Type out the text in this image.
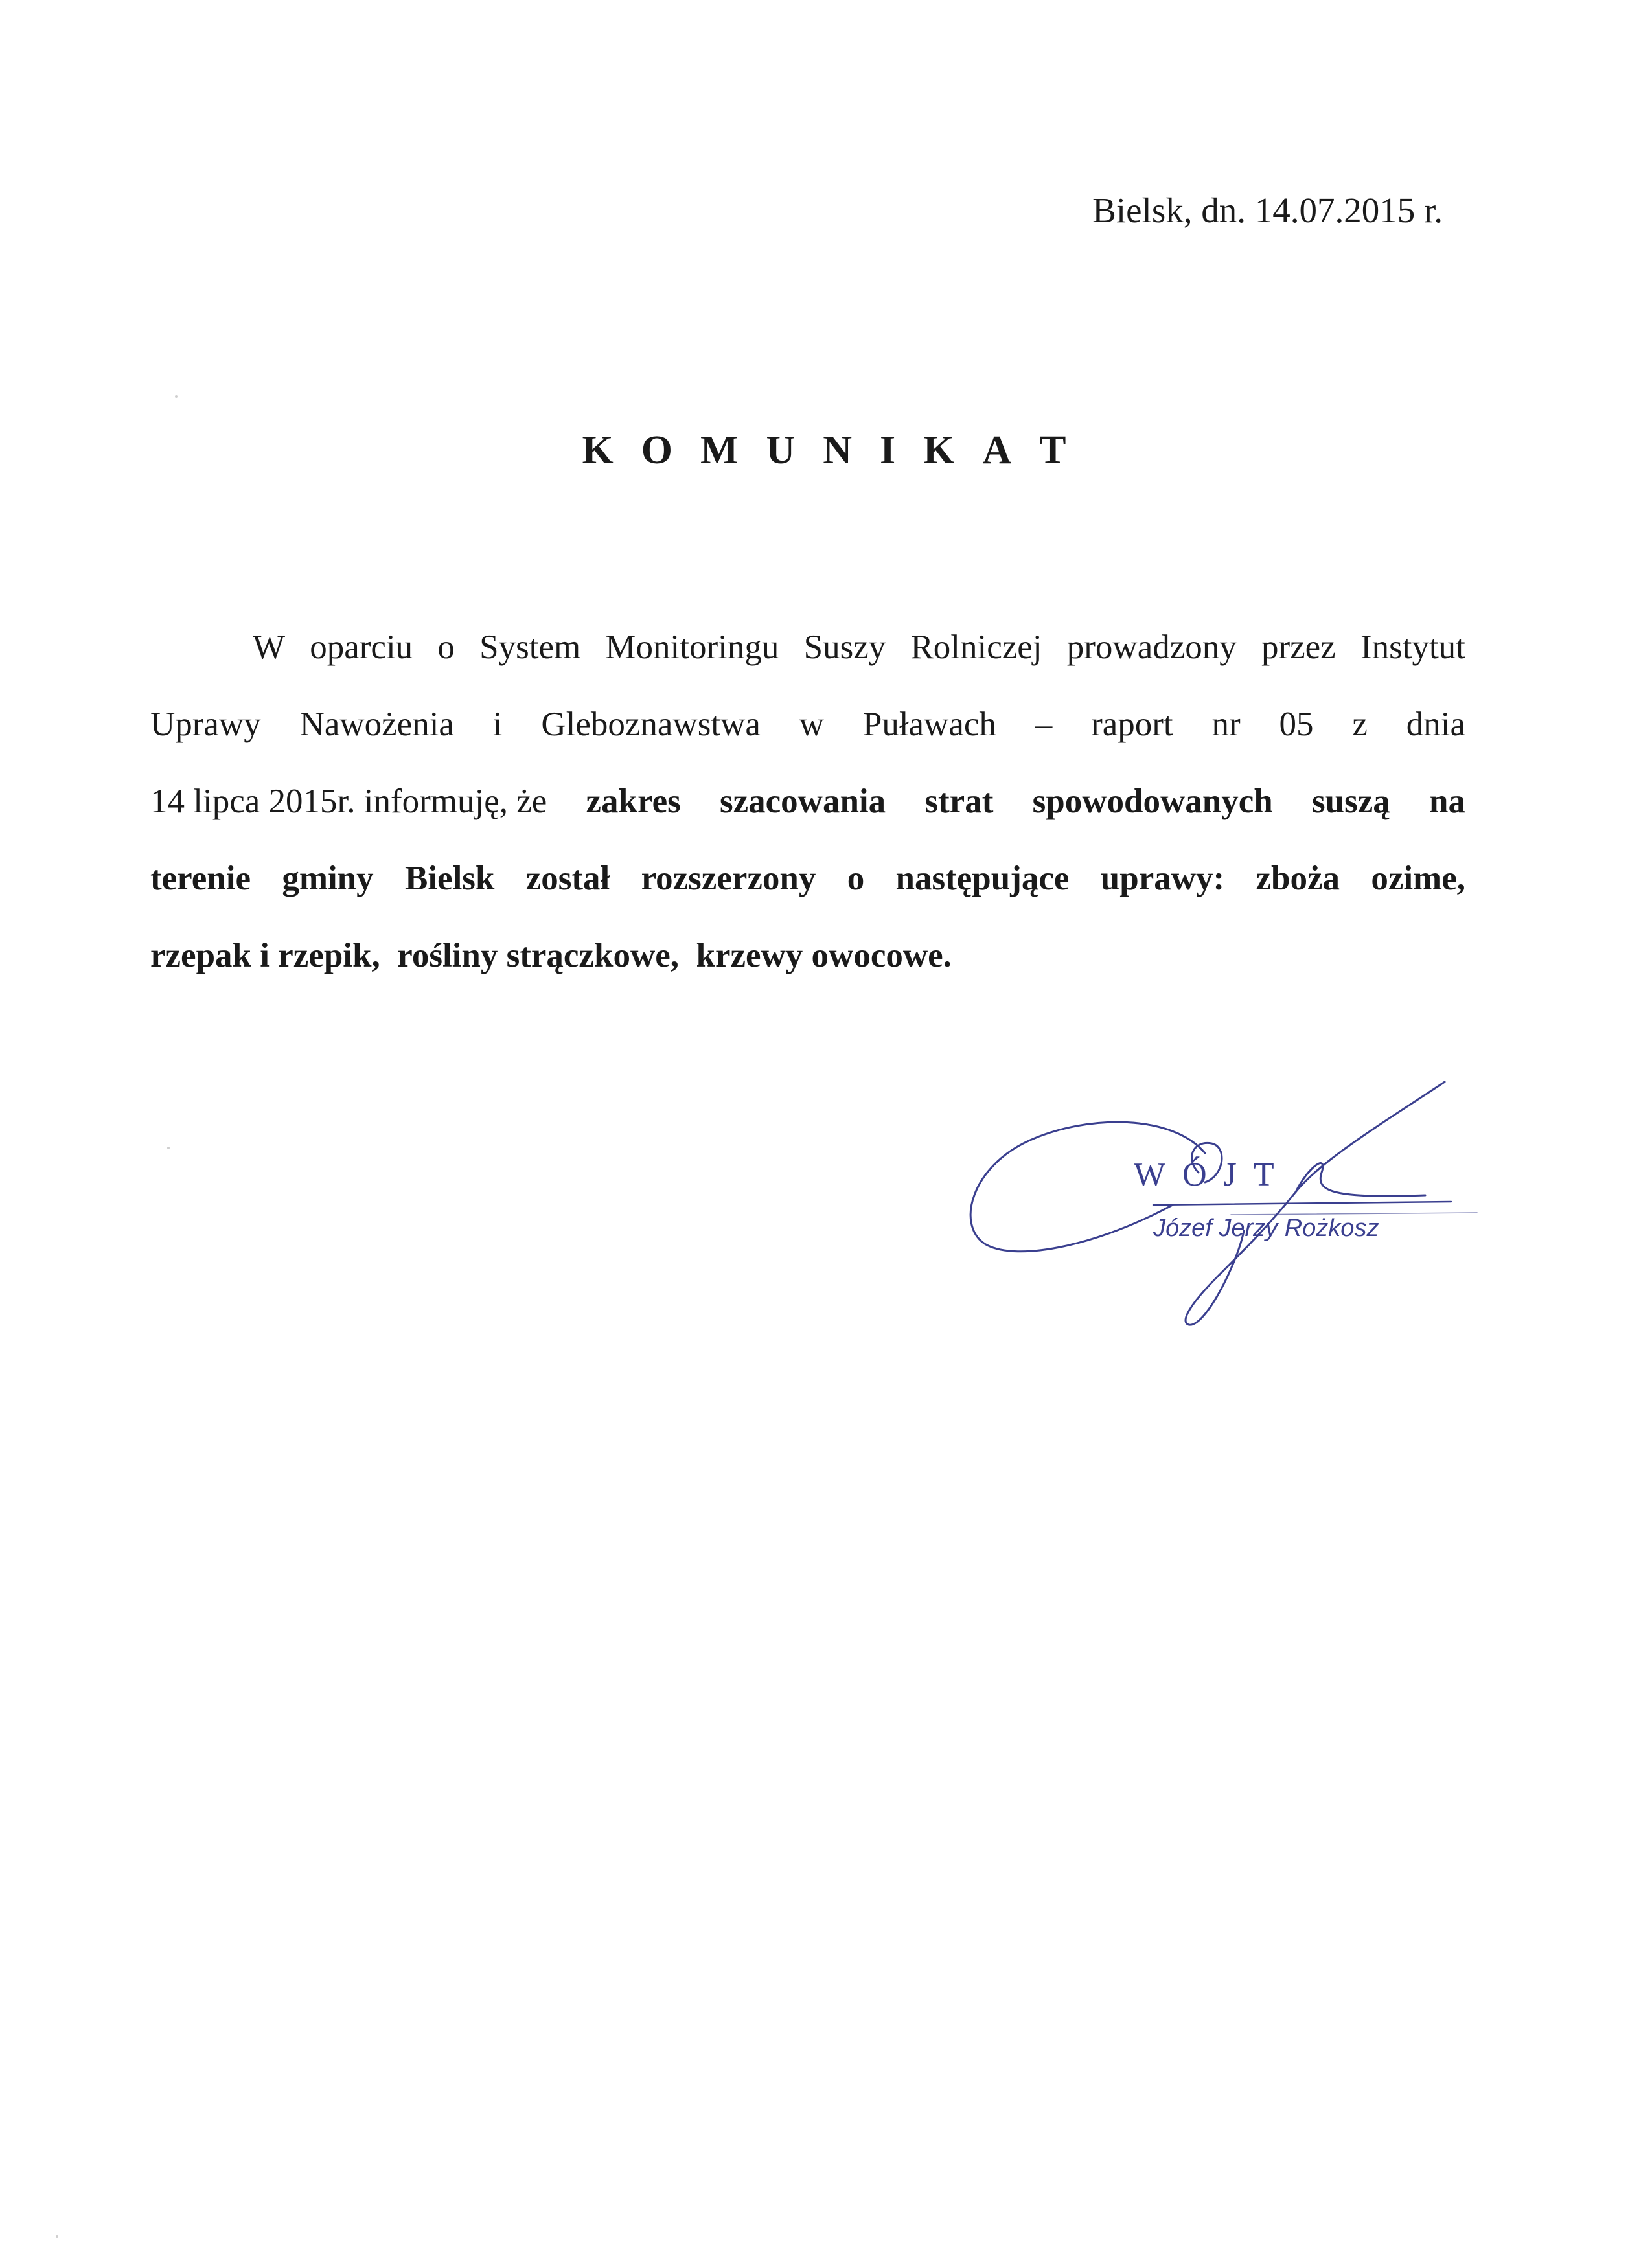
Bielsk, dn. 14.07.2015 r.
K O M U N I K A T
W oparciu o System Monitoringu Suszy Rolniczej prowadzony przez Instytut
Uprawy Nawożenia i Gleboznawstwa w Puławach – raport nr 05 z dnia
14 lipca 2015r. informuję, że zakres szacowania strat spowodowanych suszą na
terenie gminy Bielsk został rozszerzony o następujące uprawy: zboża ozime,
rzepak i rzepik,  rośliny strączkowe,  krzewy owocowe.
WÓJT
Józef Jerzy Rożkosz
